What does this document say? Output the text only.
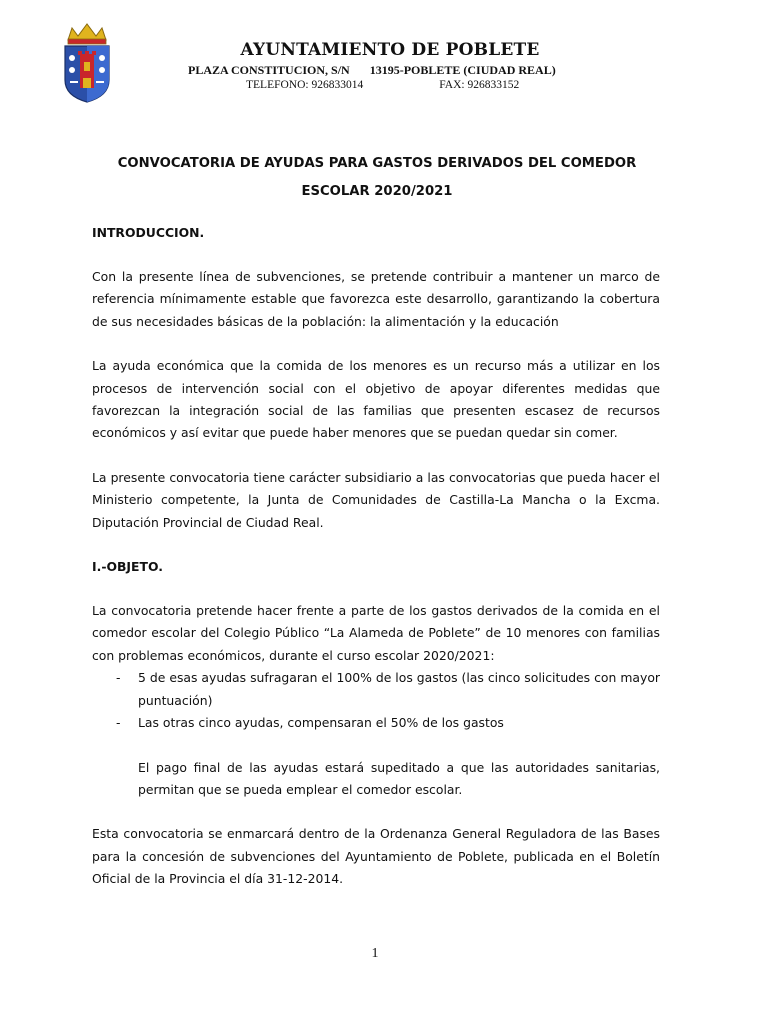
AYUNTAMIENTO DE POBLETE
PLAZA CONSTITUCION, S/N 13195-POBLETE (CIUDAD REAL)
TELEFONO: 926833014	FAX: 926833152
CONVOCATORIA DE AYUDAS PARA GASTOS DERIVADOS DEL COMEDOR ESCOLAR 2020/2021
INTRODUCCION.

Con la presente línea de subvenciones, se pretende contribuir a mantener un marco de referencia mínimamente estable que favorezca este desarrollo, garantizando la cobertura de sus necesidades básicas de la población: la alimentación y la educación

La ayuda económica que la comida de los menores es un recurso más a utilizar en los procesos de intervención social con el objetivo de apoyar diferentes medidas que favorezcan la integración social de las familias que presenten escasez de recursos económicos y así evitar que puede haber menores que se puedan quedar sin comer.

La presente convocatoria tiene carácter subsidiario a las convocatorias que pueda hacer el Ministerio competente, la Junta de Comunidades de Castilla-La Mancha o la Excma. Diputación Provincial de Ciudad Real.

I.-OBJETO.

La convocatoria pretende hacer frente a parte de los gastos derivados de la comida en el comedor escolar del Colegio Público “La Alameda de Poblete” de 10 menores con familias con problemas económicos, durante el curso escolar 2020/2021:

- 5 de esas ayudas sufragaran el 100% de los gastos (las cinco solicitudes con mayor puntuación)
- Las otras cinco ayudas, compensaran el 50% de los gastos

El pago final de las ayudas estará supeditado a que las autoridades sanitarias, permitan que se pueda emplear el comedor escolar.

Esta convocatoria se enmarcará dentro de la Ordenanza General Reguladora de las Bases para la concesión de subvenciones del Ayuntamiento de Poblete, publicada en el Boletín Oficial de la Provincia el día 31-12-2014.

1
